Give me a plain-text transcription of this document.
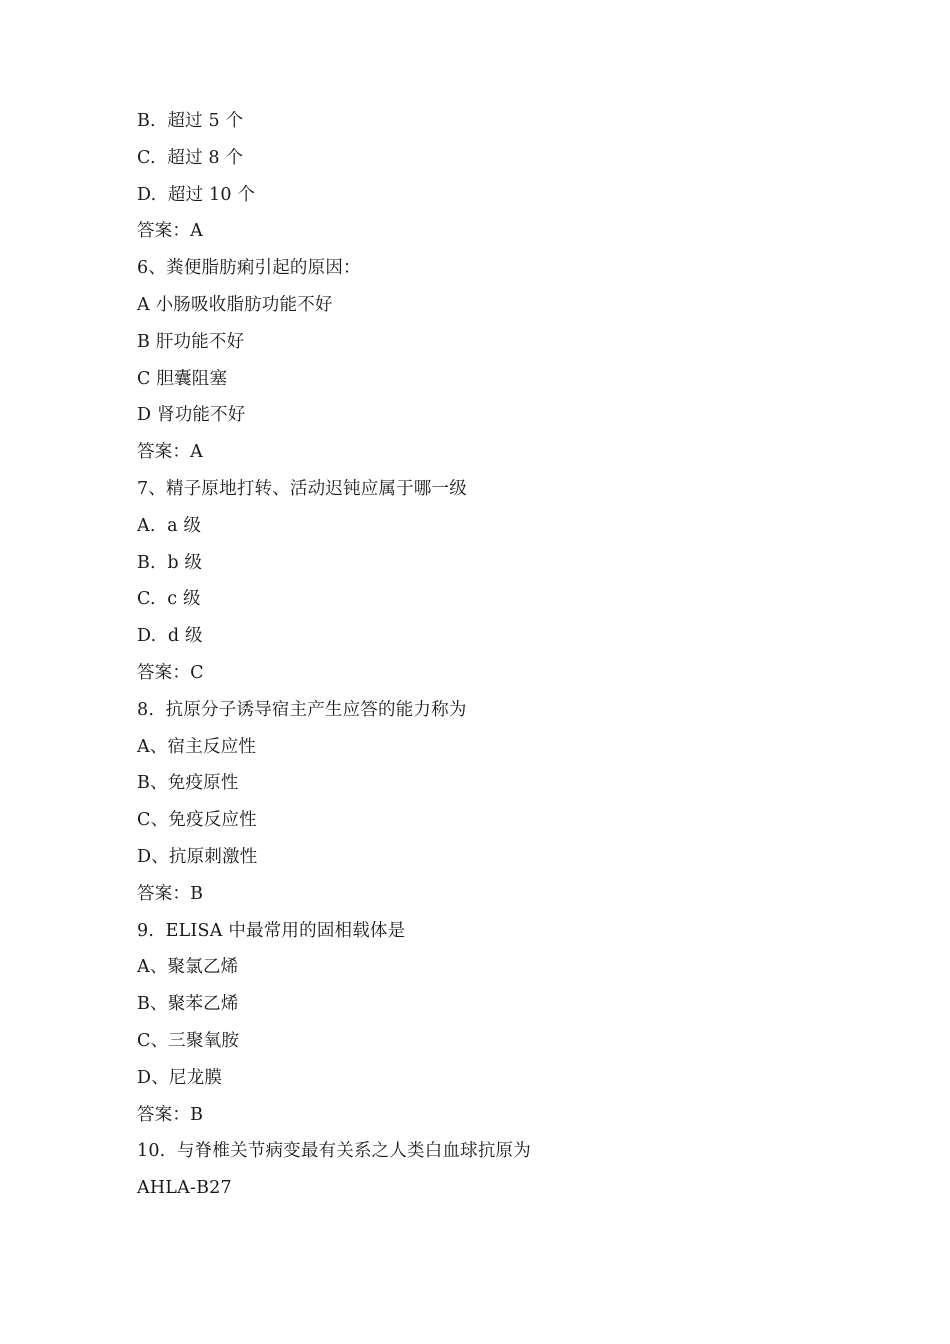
B.  超过 5 个
C.  超过 8 个
D.  超过 10 个
答案：A
6、粪便脂肪痢引起的原因：
A 小肠吸收脂肪功能不好
B 肝功能不好
C 胆囊阻塞
D 肾功能不好
答案：A
7、精子原地打转、活动迟钝应属于哪一级
A.  a 级
B.  b 级
C.  c 级
D.  d 级
答案：C
8.  抗原分子诱导宿主产生应答的能力称为
A、宿主反应性
B、免疫原性
C、免疫反应性
D、抗原刺激性
答案：B
9.  ELISA 中最常用的固相载体是
A、聚氯乙烯
B、聚苯乙烯
C、三聚氧胺
D、尼龙膜
答案：B
10.  与脊椎关节病变最有关系之人类白血球抗原为
AHLA-B27
